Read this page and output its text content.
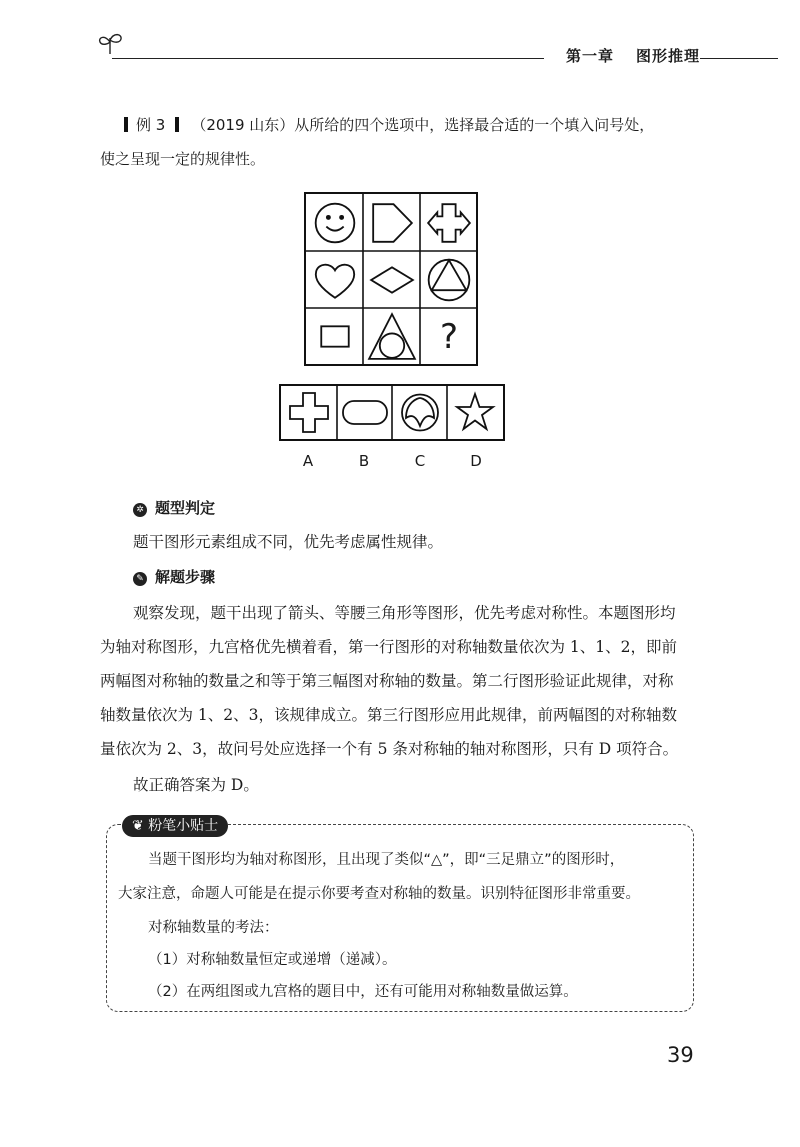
第一章 图形推理
例 3 （2019 山东）从所给的四个选项中，选择最合适的一个填入问号处，
使之呈现一定的规律性。
?
A	B	C	D
✲ 题型判定
题干图形元素组成不同，优先考虑属性规律。
✎ 解题步骤
观察发现，题干出现了箭头、等腰三角形等图形，优先考虑对称性。本题图形均
为轴对称图形，九宫格优先横着看，第一行图形的对称轴数量依次为 1、1、2，即前
两幅图对称轴的数量之和等于第三幅图对称轴的数量。第二行图形验证此规律，对称
轴数量依次为 1、2、3，该规律成立。第三行图形应用此规律，前两幅图的对称轴数
量依次为 2、3，故问号处应选择一个有 5 条对称轴的轴对称图形，只有 D 项符合。
故正确答案为 D。
❦ 粉笔小贴士
当题干图形均为轴对称图形，且出现了类似“△”，即“三足鼎立”的图形时，
大家注意，命题人可能是在提示你要考查对称轴的数量。识别特征图形非常重要。
对称轴数量的考法：
（1）对称轴数量恒定或递增（递减）。
（2）在两组图或九宫格的题目中，还有可能用对称轴数量做运算。
39
